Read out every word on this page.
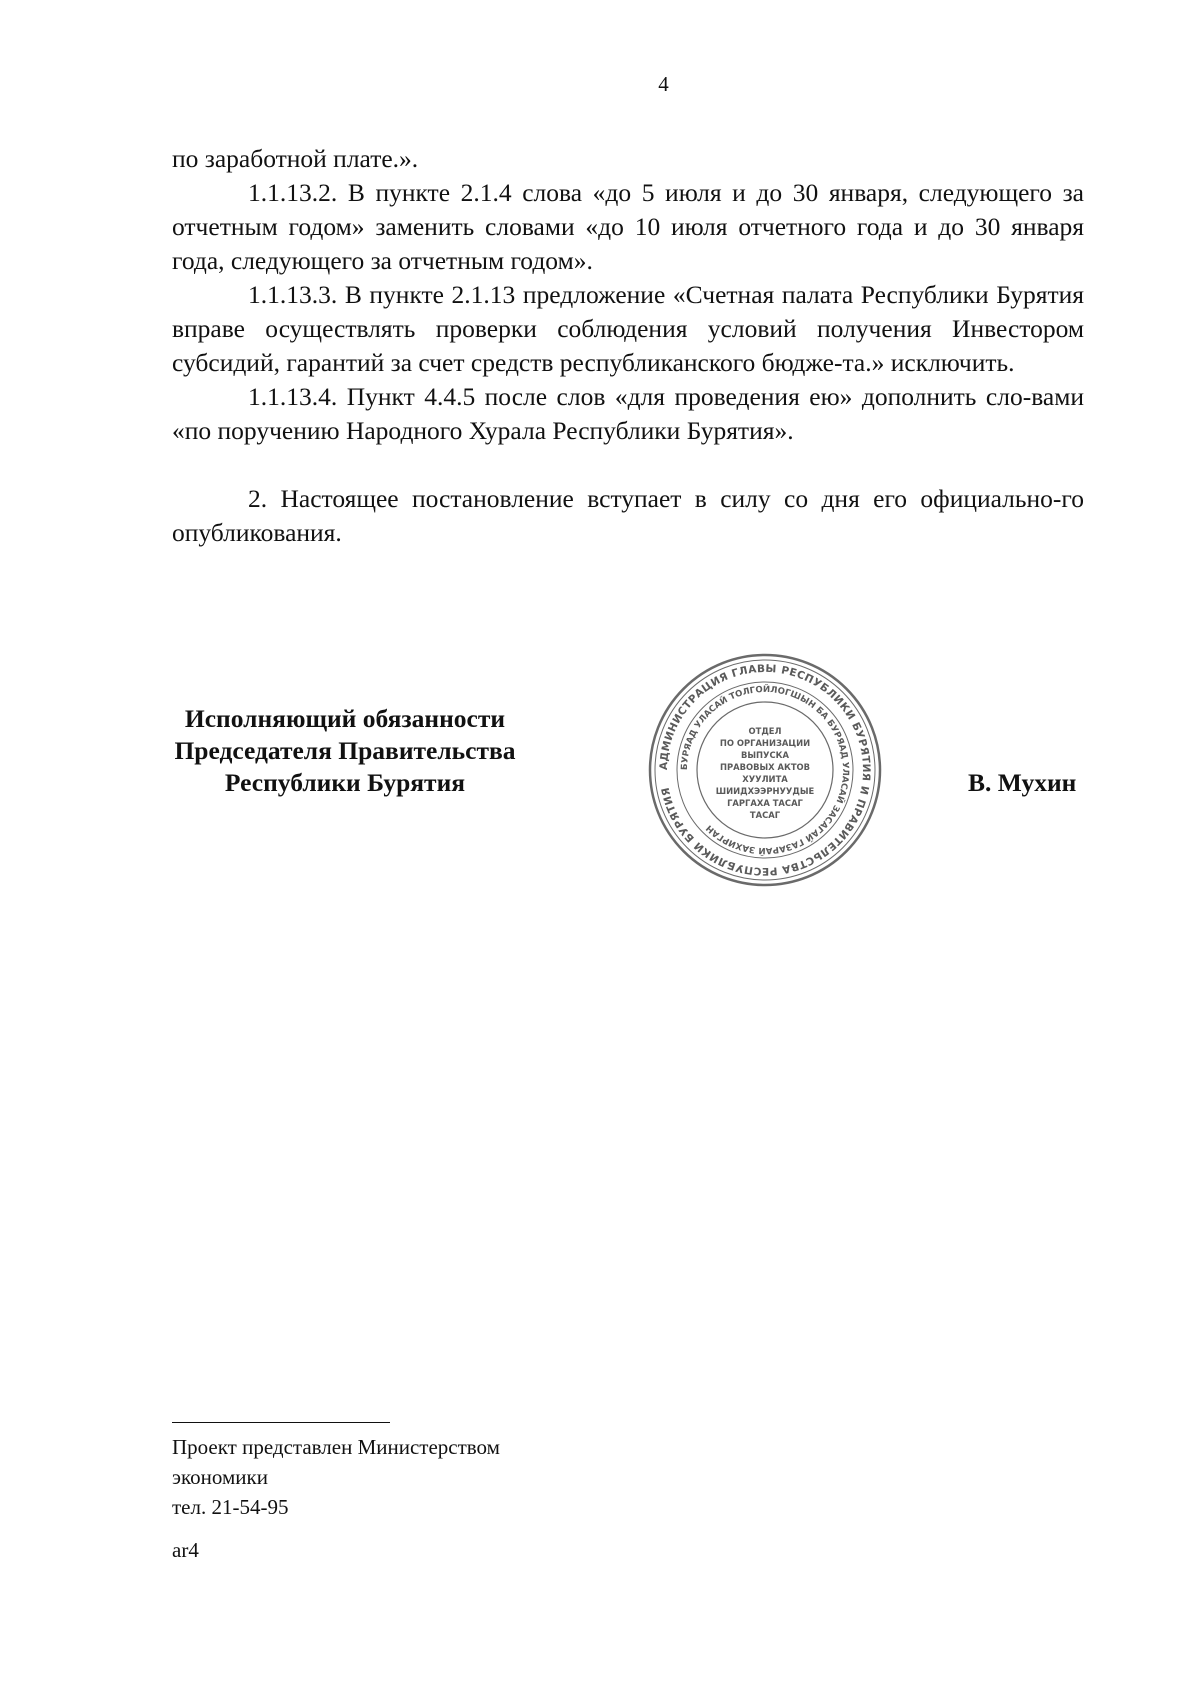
4

по заработной плате.».

1.1.13.2. В пункте 2.1.4 слова «до 5 июля и до 30 января, следующего за отчетным годом» заменить словами «до 10 июля отчетного года и до 30 января года, следующего за отчетным годом».

1.1.13.3. В пункте 2.1.13 предложение «Счетная палата Республики Бурятия вправе осуществлять проверки соблюдения условий получения Инвестором субсидий, гарантий за счет средств республиканского бюдже-та.» исключить.

1.1.13.4. Пункт 4.4.5 после слов «для проведения ею» дополнить сло-вами «по поручению Народного Хурала Республики Бурятия».

2. Настоящее постановление вступает в силу со дня его официально-го опубликования.

Исполняющий обязанности
Председателя Правительства
Республики Бурятия
АДМИНИСТРАЦИЯ ГЛАВЫ РЕСПУБЛИКИ БУРЯТИЯ И ПРАВИТЕЛЬСТВА РЕСПУБЛИКИ БУРЯТИЯ
БУРЯАД УЛАСАЙ ТОЛГОЙЛОГШЫН БА БУРЯАД УЛАСАЙ ЗАСАГАЙ ГАЗАРАЙ ЗАХИРГАН
ОТДЕЛ
ПО ОРГАНИЗАЦИИ
ВЫПУСКА
ПРАВОВЫХ АКТОВ
ХУУЛИТА
ШИИДХЭЭРНУУДЫЕ
ГАРГАХА ТАСАГ
ТАСАГ
В. Мухин
Проект представлен Министерством
экономики
тел. 21-54-95
ar4
